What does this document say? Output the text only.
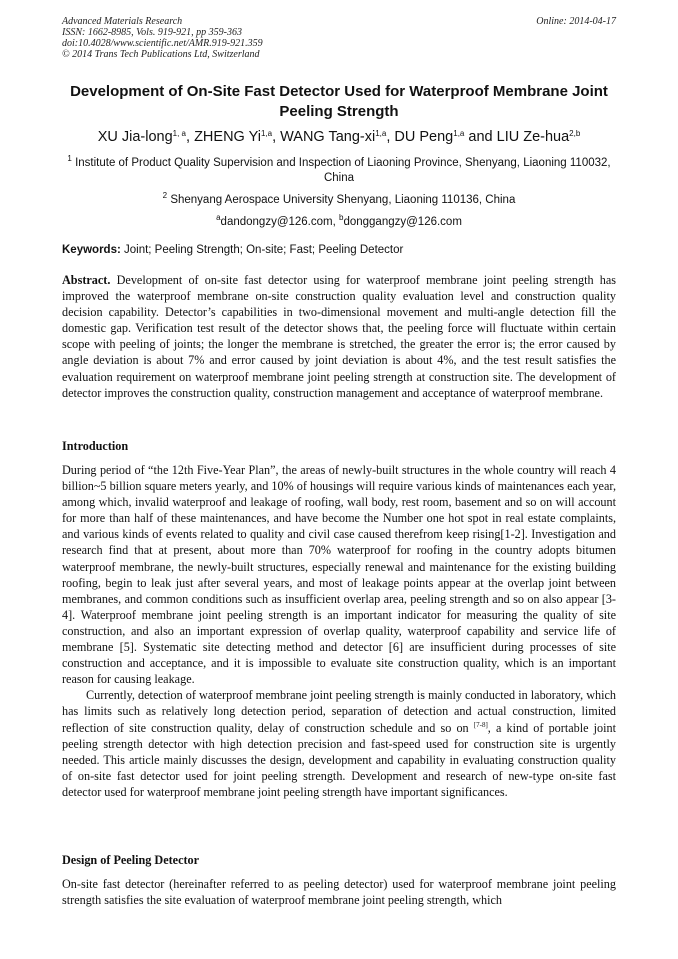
Advanced Materials Research
ISSN: 1662-8985, Vols. 919-921, pp 359-363
doi:10.4028/www.scientific.net/AMR.919-921.359
© 2014 Trans Tech Publications Ltd, Switzerland
Online: 2014-04-17
Development of On-Site Fast Detector Used for Waterproof Membrane Joint Peeling Strength
XU Jia-long$^{1, a}$, ZHENG Yi$^{1,a}$, WANG Tang-xi$^{1,a}$, DU Peng$^{1,a}$ and LIU Ze-hua$^{2,b}$
$^1$ Institute of Product Quality Supervision and Inspection of Liaoning Province, Shenyang, Liaoning 110032, China
$^2$ Shenyang Aerospace University Shenyang, Liaoning 110136, China
$^a$dandongzy@126.com, $^b$donggangzy@126.com
Keywords: Joint; Peeling Strength; On-site; Fast; Peeling Detector
Abstract. Development of on-site fast detector using for waterproof membrane joint peeling strength has improved the waterproof membrane on-site construction quality evaluation level and construction quality decision capability. Detector’s capabilities in two-dimensional movement and multi-angle detection fill the domestic gap. Verification test result of the detector shows that, the peeling force will fluctuate within certain scope with peeling of joints; the longer the membrane is stretched, the greater the error is; the error caused by angle deviation is about 7% and error caused by joint deviation is about 4%, and the test result satisfies the evaluation requirement on waterproof membrane joint peeling strength at construction site. The development of detector improves the construction quality, construction management and acceptance of waterproof membrane.
Introduction

During period of “the 12th Five-Year Plan”, the areas of newly-built structures in the whole country will reach 4 billion~5 billion square meters yearly, and 10% of housings will require various kinds of maintenances each year, among which, invalid waterproof and leakage of roofing, wall body, rest room, basement and so on will account for more than half of these maintenances, and have become the Number one hot spot in real estate complaints, and various kinds of events related to quality and civil case caused therefrom keep rising[1-2]. Investigation and research find that at present, about more than 70% waterproof for roofing in the country adopts bitumen waterproof membrane, the newly-built structures, especially renewal and maintenance for the existing building roofing, begin to leak just after several years, and most of leakage points appear at the overlap joint between membranes, and common conditions such as insufficient overlap area, peeling strength and so on also appear [3-4]. Waterproof membrane joint peeling strength is an important indicator for measuring the quality of site construction, and also an important expression of overlap quality, waterproof capability and service life of membrane [5]. Systematic site detecting method and detector [6] are insufficient during processes of site construction and acceptance, and it is impossible to evaluate site construction quality, which is an important reason for causing leakage.

Currently, detection of waterproof membrane joint peeling strength is mainly conducted in laboratory, which has limits such as relatively long detection period, separation of detection and actual construction, limited reflection of site construction quality, delay of construction schedule and so on [7-8], a kind of portable joint peeling strength detector with high detection precision and fast-speed used for construction site is urgently needed. This article mainly discusses the design, development and capability in evaluating construction quality of on-site fast detector used for joint peeling strength. Development and research of new-type on-site fast detector used for waterproof membrane joint peeling strength have important significances.

Design of Peeling Detector
On-site fast detector (hereinafter referred to as peeling detector) used for waterproof membrane joint peeling strength satisfies the site evaluation of waterproof membrane joint peeling strength, which
